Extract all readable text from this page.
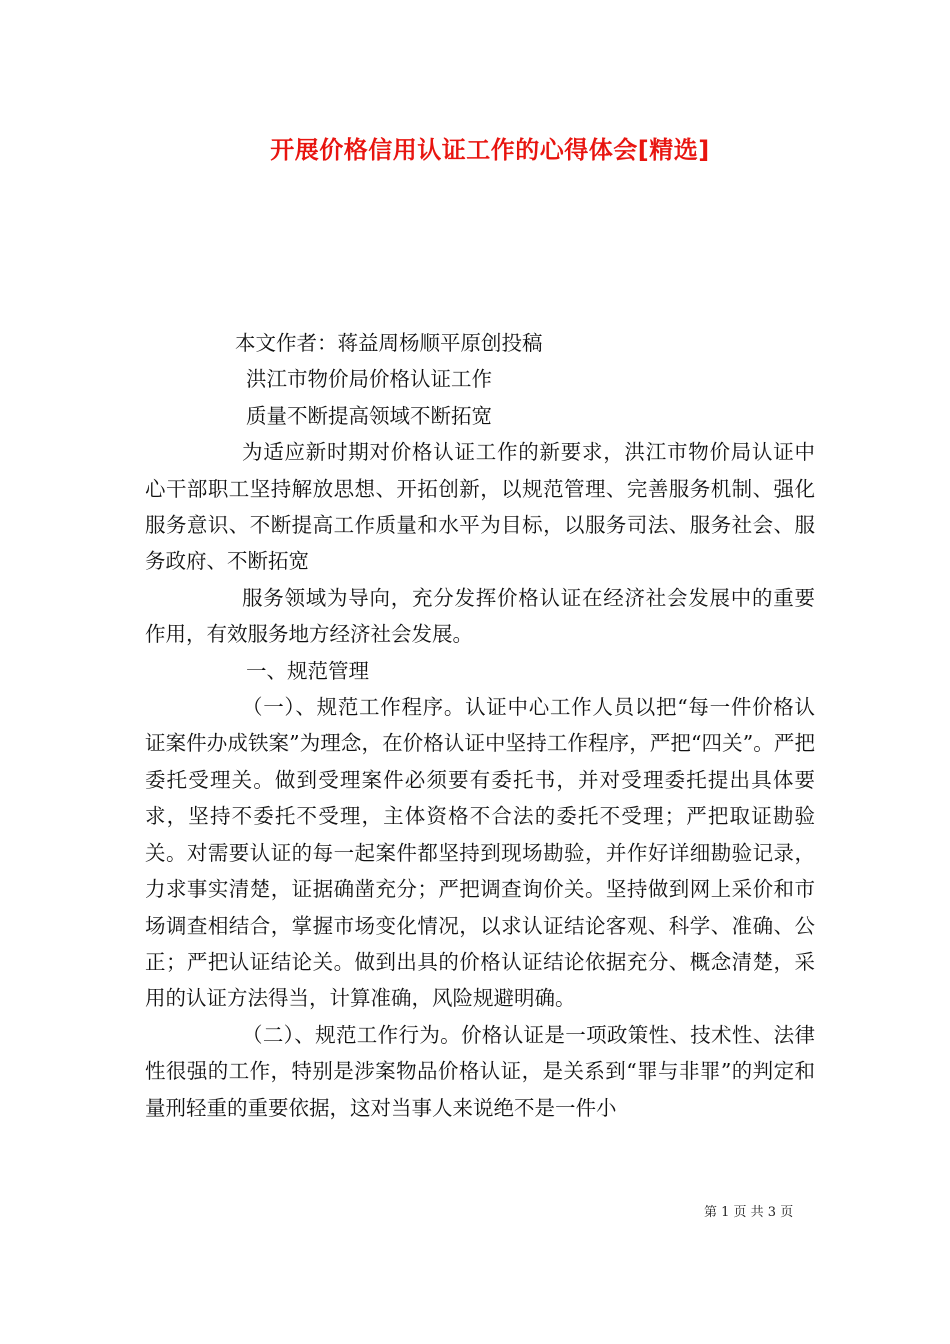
开展价格信用认证工作的心得体会[精选]

本文作者：蒋益周杨顺平原创投稿

洪江市物价局价格认证工作

质量不断提高领域不断拓宽

为适应新时期对价格认证工作的新要求，洪江市物价局认证中心干部职工坚持解放思想、开拓创新，以规范管理、完善服务机制、强化服务意识、不断提高工作质量和水平为目标，以服务司法、服务社会、服务政府、不断拓宽

服务领域为导向，充分发挥价格认证在经济社会发展中的重要作用，有效服务地方经济社会发展。

一、规范管理

（一）、规范工作程序。认证中心工作人员以把“每一件价格认证案件办成铁案”为理念，在价格认证中坚持工作程序，严把“四关”。严把委托受理关。做到受理案件必须要有委托书，并对受理委托提出具体要求，坚持不委托不受理，主体资格不合法的委托不受理；严把取证勘验关。对需要认证的每一起案件都坚持到现场勘验，并作好详细勘验记录，力求事实清楚，证据确凿充分；严把调查询价关。坚持做到网上采价和市场调查相结合，掌握市场变化情况，以求认证结论客观、科学、准确、公正；严把认证结论关。做到出具的价格认证结论依据充分、概念清楚，采用的认证方法得当，计算准确，风险规避明确。

（二）、规范工作行为。价格认证是一项政策性、技术性、法律性很强的工作，特别是涉案物品价格认证，是关系到“罪与非罪”的判定和量刑轻重的重要依据，这对当事人来说绝不是一件小

第 1 页 共 3 页
